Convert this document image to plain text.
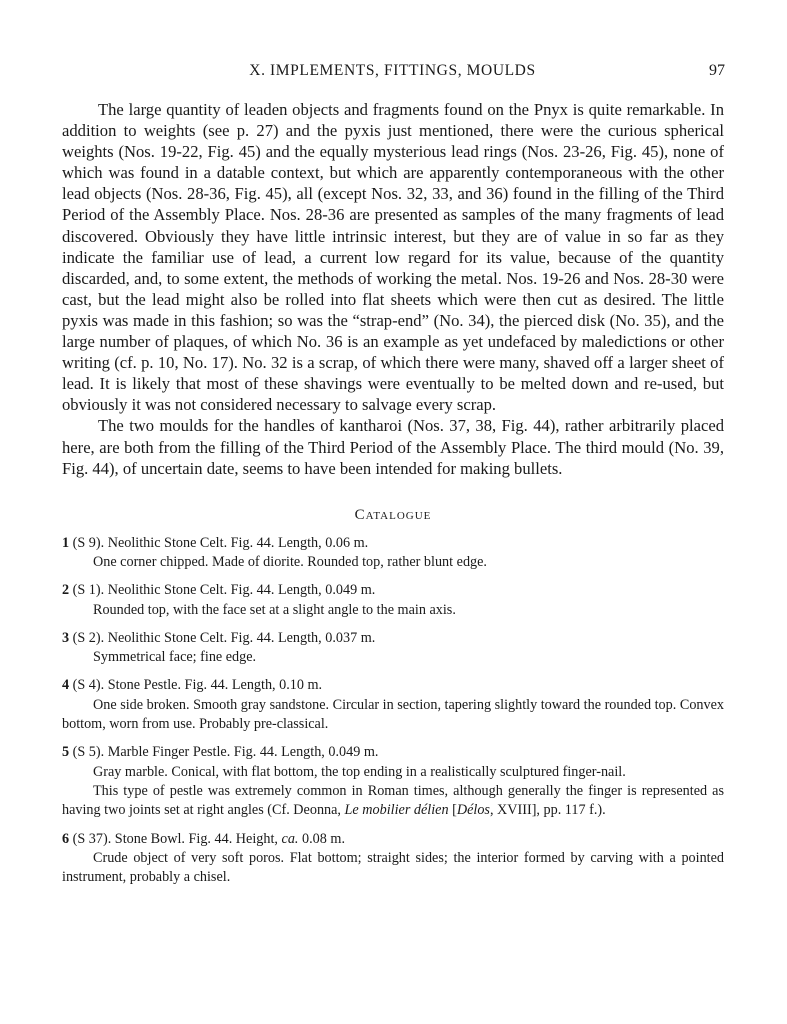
X. IMPLEMENTS, FITTINGS, MOULDS	97

The large quantity of leaden objects and fragments found on the Pnyx is quite remarkable. In addition to weights (see p. 27) and the pyxis just mentioned, there were the curious spherical weights (Nos. 19-22, Fig. 45) and the equally mysterious lead rings (Nos. 23-26, Fig. 45), none of which was found in a datable context, but which are apparently contemporaneous with the other lead objects (Nos. 28-36, Fig. 45), all (except Nos. 32, 33, and 36) found in the filling of the Third Period of the Assembly Place. Nos. 28-36 are presented as samples of the many fragments of lead discovered. Obviously they have little intrinsic interest, but they are of value in so far as they indicate the familiar use of lead, a current low regard for its value, because of the quantity discarded, and, to some extent, the methods of working the metal. Nos. 19-26 and Nos. 28-30 were cast, but the lead might also be rolled into flat sheets which were then cut as desired. The little pyxis was made in this fashion; so was the “strap-end” (No. 34), the pierced disk (No. 35), and the large number of plaques, of which No. 36 is an example as yet undefaced by maledictions or other writing (cf. p. 10, No. 17). No. 32 is a scrap, of which there were many, shaved off a larger sheet of lead. It is likely that most of these shavings were eventually to be melted down and re-used, but obviously it was not considered necessary to salvage every scrap.

The two moulds for the handles of kantharoi (Nos. 37, 38, Fig. 44), rather arbitrarily placed here, are both from the filling of the Third Period of the Assembly Place. The third mould (No. 39, Fig. 44), of uncertain date, seems to have been intended for making bullets.

Catalogue

1 (S 9). Neolithic Stone Celt. Fig. 44. Length, 0.06 m.

One corner chipped. Made of diorite. Rounded top, rather blunt edge.

2 (S 1). Neolithic Stone Celt. Fig. 44. Length, 0.049 m.

Rounded top, with the face set at a slight angle to the main axis.

3 (S 2). Neolithic Stone Celt. Fig. 44. Length, 0.037 m.

Symmetrical face; fine edge.

4 (S 4). Stone Pestle. Fig. 44. Length, 0.10 m.

One side broken. Smooth gray sandstone. Circular in section, tapering slightly toward the rounded top. Convex bottom, worn from use. Probably pre-classical.

5 (S 5). Marble Finger Pestle. Fig. 44. Length, 0.049 m.

Gray marble. Conical, with flat bottom, the top ending in a realistically sculptured finger-nail.

This type of pestle was extremely common in Roman times, although generally the finger is represented as having two joints set at right angles (Cf. Deonna, Le mobilier délien [Délos, XVIII], pp. 117 f.).

6 (S 37). Stone Bowl. Fig. 44. Height, ca. 0.08 m.

Crude object of very soft poros. Flat bottom; straight sides; the interior formed by carving with a pointed instrument, probably a chisel.
